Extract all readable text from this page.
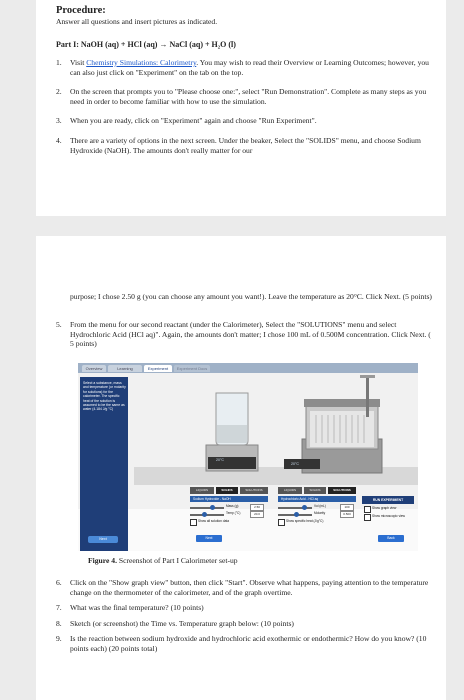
Procedure:
Answer all questions and insert pictures as indicated.
Part I: NaOH (aq) + HCl (aq) → NaCl (aq) + H₂O (l)
1. Visit Chemistry Simulations: Calorimetry. You may wish to read their Overview or Learning Outcomes; however, you can also just click on "Experiment" on the tab on the top.
2. On the screen that prompts you to "Please choose one:", select "Run Demonstration". Complete as many steps as you need in order to become familiar with how to use the simulation.
3. When you are ready, click on "Experiment" again and choose "Run Experiment".
4. There are a variety of options in the next screen. Under the beaker, Select the "SOLIDS" menu, and choose Sodium Hydroxide (NaOH). The amounts don't really matter for our
purpose; I chose 2.50 g (you can choose any amount you want!). Leave the temperature as 20°C. Click Next. (5 points)
5. From the menu for our second reactant (under the Calorimeter), Select the "SOLUTIONS" menu and select Hydrochloric Acid (HCl aq)". Again, the amounts don't matter; I chose 100 mL of 0.500M concentration. Click Next. ( 5 points)
Overview	Learning	Experiment	Experiment Docs
Select a substance, mass and temperature (or molarity for solutions) for the calorimeter. The specific heat of the solution is assumed to be the same as water (4.184 J/g °C)
Next
20°C
20°C
LIQUIDS	SOLIDS	SOLUTIONS
Sodium Hydroxide - NaOH
Mass (g)	2.50
Temp (°C)	20.0
Show all solution data
LIQUIDS	SOLIDS	SOLUTIONS
Hydrochloric Acid - HCl aq
Vol (mL)	100
Molarity	0.500
Show specific heat (J/g°C)
RUN EXPERIMENT
Show graph view
Show microscopic view
Next	Back
Figure 4. Screenshot of Part I Calorimeter set-up
6. Click on the "Show graph view" button, then click "Start". Observe what happens, paying attention to the temperature change on the thermometer of the calorimeter, and of the graph overtime.
7. What was the final temperature? (10 points)
8. Sketch (or screenshot) the Time vs. Temperature graph below: (10 points)
9. Is the reaction between sodium hydroxide and hydrochloric acid exothermic or endothermic? How do you know? (10 points each) (20 points total)
